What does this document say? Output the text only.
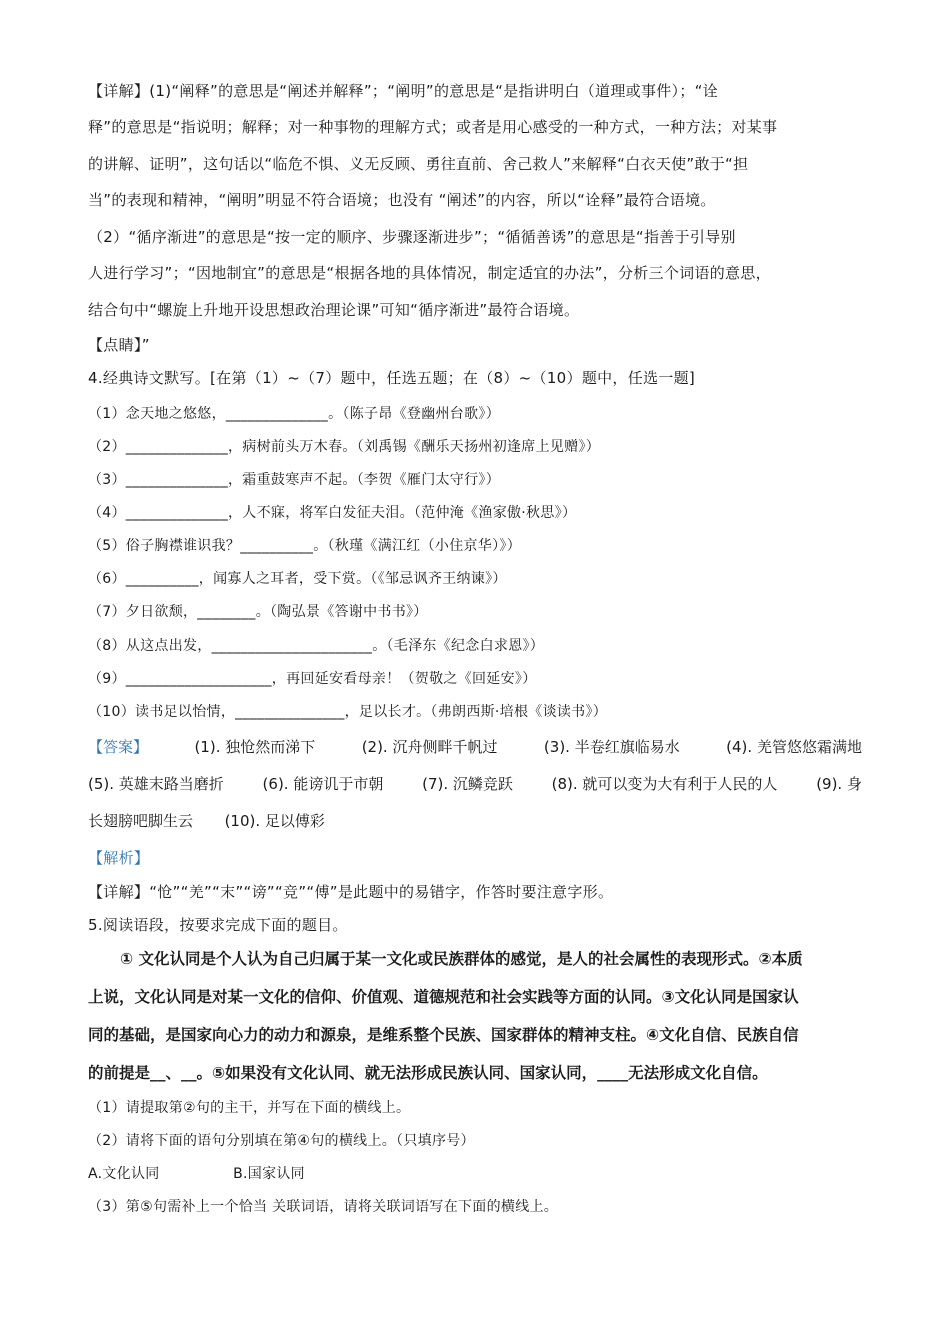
【详解】(1)“阐释”的意思是“阐述并解释”；“阐明”的意思是“是指讲明白（道理或事件）；“诠
释”的意思是“指说明；解释；对一种事物的理解方式；或者是用心感受的一种方式，一种方法；对某事
的讲解、证明”，这句话以“临危不惧、义无反顾、勇往直前、舍己救人”来解释“白衣天使”敢于“担
当”的表现和精神，“阐明”明显不符合语境；也没有 “阐述”的内容，所以“诠释”最符合语境。
（2）“循序渐进”的意思是“按一定的顺序、步骤逐渐进步”；“循循善诱”的意思是“指善于引导别
人进行学习”；“因地制宜”的意思是“根据各地的具体情况，制定适宜的办法”，分析三个词语的意思，
结合句中“螺旋上升地开设思想政治理论课”可知“循序渐进”最符合语境。
【点睛】”
4.经典诗文默写。[在第（1）~（7）题中，任选五题；在（8）~（10）题中，任选一题]
（1）念天地之悠悠，______________。（陈子昂《登幽州台歌》）
（2）______________，病树前头万木春。（刘禹锡《酬乐天扬州初逢席上见赠》）
（3）______________，霜重鼓寒声不起。（李贺《雁门太守行》）
（4）______________，人不寐，将军白发征夫泪。（范仲淹《渔家傲·秋思》）
（5）俗子胸襟谁识我？__________。（秋瑾《满江红（小住京华）》）
（6）__________，闻寡人之耳者，受下赏。（《邹忌讽齐王纳谏》）
（7）夕日欲颓，________。（陶弘景《答谢中书书》）
（8）从这点出发，______________________。（毛泽东《纪念白求恩》）
（9）____________________，再回延安看母亲！（贺敬之《回延安》）
（10）读书足以怡情，_______________，足以长才。（弗朗西斯·培根《谈读书》）
【答案】	(1). 独怆然而涕下	(2). 沉舟侧畔千帆过	(3). 半卷红旗临易水	(4). 羌管悠悠霜满地
(5). 英雄末路当磨折	(6). 能谤讥于市朝	(7). 沉鳞竞跃	(8). 就可以变为大有利于人民的人	(9). 身
长翅膀吧脚生云 (10). 足以傅彩
【解析】
【详解】“怆”“羌”“末”“谤”“竞”“傅”是此题中的易错字，作答时要注意字形。
5.阅读语段，按要求完成下面的题目。
① 文化认同是个人认为自己归属于某一文化或民族群体的感觉，是人的社会属性的表现形式。②本质
上说，文化认同是对某一文化的信仰、价值观、道德规范和社会实践等方面的认同。③文化认同是国家认
同的基础，是国家向心力的动力和源泉，是维系整个民族、国家群体的精神支柱。④文化自信、民族自信
的前提是__、__。⑤如果没有文化认同、就无法形成民族认同、国家认同，____无法形成文化自信。
（1）请提取第②句的主干，并写在下面的横线上。
（2）请将下面的语句分别填在第④句的横线上。（只填序号）
A.文化认同	B.国家认同
（3）第⑤句需补上一个恰当 关联词语，请将关联词语写在下面的横线上。
